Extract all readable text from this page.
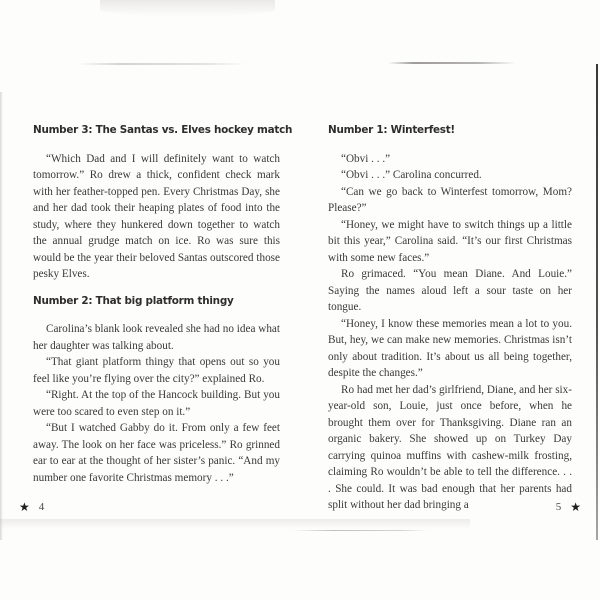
Number 3: The Santas vs. Elves hockey match

“Which Dad and I will definitely want to watch tomorrow.” Ro drew a thick, confident check mark with her feather-topped pen. Every Christmas Day, she and her dad took their heaping plates of food into the study, where they hunkered down together to watch the annual grudge match on ice. Ro was sure this would be the year their beloved Santas outscored those pesky Elves.

Number 2: That big platform thingy

Carolina’s blank look revealed she had no idea what her daughter was talking about.

“That giant platform thingy that opens out so you feel like you’re flying over the city?” explained Ro.

“Right. At the top of the Hancock building. But you were too scared to even step on it.”

“But I watched Gabby do it. From only a few feet away. The look on her face was priceless.” Ro grinned ear to ear at the thought of her sister’s panic. “And my number one favorite Christmas memory . . .”

Number 1: Winterfest!

“Obvi . . .”

“Obvi . . .” Carolina concurred.

“Can we go back to Winterfest tomorrow, Mom? Please?”

“Honey, we might have to switch things up a little bit this year,” Carolina said. “It’s our first Christmas with some new faces.”

Ro grimaced. “You mean Diane. And Louie.” Saying the names aloud left a sour taste on her tongue.

“Honey, I know these memories mean a lot to you. But, hey, we can make new memories. Christmas isn’t only about tradition. It’s about us all being together, despite the changes.”

Ro had met her dad’s girlfriend, Diane, and her six-year-old son, Louie, just once before, when he brought them over for Thanksgiving. Diane ran an organic bakery. She showed up on Turkey Day carrying quinoa muffins with cashew-milk frosting, claiming Ro wouldn’t be able to tell the difference. . . . She could. It was bad enough that her parents had split without her dad bringing a

★ 4	5 ★
